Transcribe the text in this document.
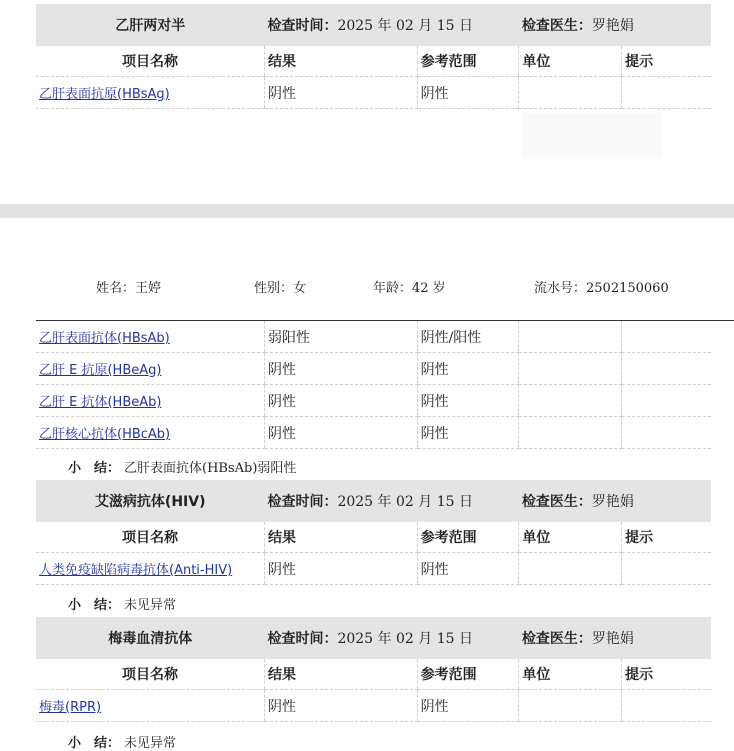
乙肝两对半	检查时间：2025 年 02 月 15 日		检查医生：罗艳娟	
项目名称	结果	参考范围	单位	提示
乙肝表面抗原(HBsAg)	阴性	阴性		
姓名：王婷	性别：女	年龄：42 岁	流水号：2502150060
乙肝表面抗体(HBsAb)	弱阳性	阴性/阳性		
乙肝 E 抗原(HBeAg)	阴性	阴性		
乙肝 E 抗体(HBeAb)	阴性	阴性		
乙肝核心抗体(HBcAb)	阴性	阴性		
小　结： 乙肝表面抗体(HBsAb)弱阳性
艾滋病抗体(HIV)	检查时间：2025 年 02 月 15 日		检查医生：罗艳娟	
项目名称	结果	参考范围	单位	提示
人类免疫缺陷病毒抗体(Anti-HIV)	阴性	阴性		
小　结： 未见异常
梅毒血清抗体	检查时间：2025 年 02 月 15 日		检查医生：罗艳娟	
项目名称	结果	参考范围	单位	提示
梅毒(RPR)	阴性	阴性		
小　结： 未见异常
